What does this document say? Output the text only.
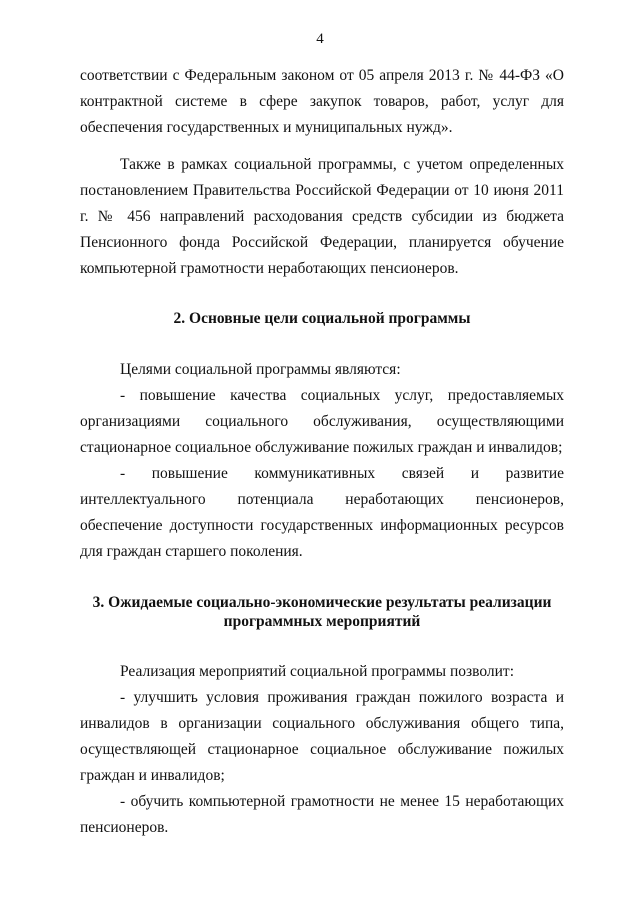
4

соответствии с Федеральным законом от 05 апреля 2013 г. № 44-ФЗ «О контрактной системе в сфере закупок товаров, работ, услуг для обеспечения государственных и муниципальных нужд».

Также в рамках социальной программы, с учетом определенных постановлением Правительства Российской Федерации от 10 июня 2011 г. № 456 направлений расходования средств субсидии из бюджета Пенсионного фонда Российской Федерации, планируется обучение компьютерной грамотности неработающих пенсионеров.

2. Основные цели социальной программы

Целями социальной программы являются:

- повышение качества социальных услуг, предоставляемых организациями социального обслуживания, осуществляющими стационарное социальное обслуживание пожилых граждан и инвалидов;

- повышение коммуникативных связей и развитие интеллектуального потенциала неработающих пенсионеров, обеспечение доступности государственных информационных ресурсов для граждан старшего поколения.

3. Ожидаемые социально-экономические результаты реализации
программных мероприятий

Реализация мероприятий социальной программы позволит:

- улучшить условия проживания граждан пожилого возраста и инвалидов в организации социального обслуживания общего типа, осуществляющей стационарное социальное обслуживание пожилых граждан и инвалидов;

- обучить компьютерной грамотности не менее 15 неработающих пенсионеров.
